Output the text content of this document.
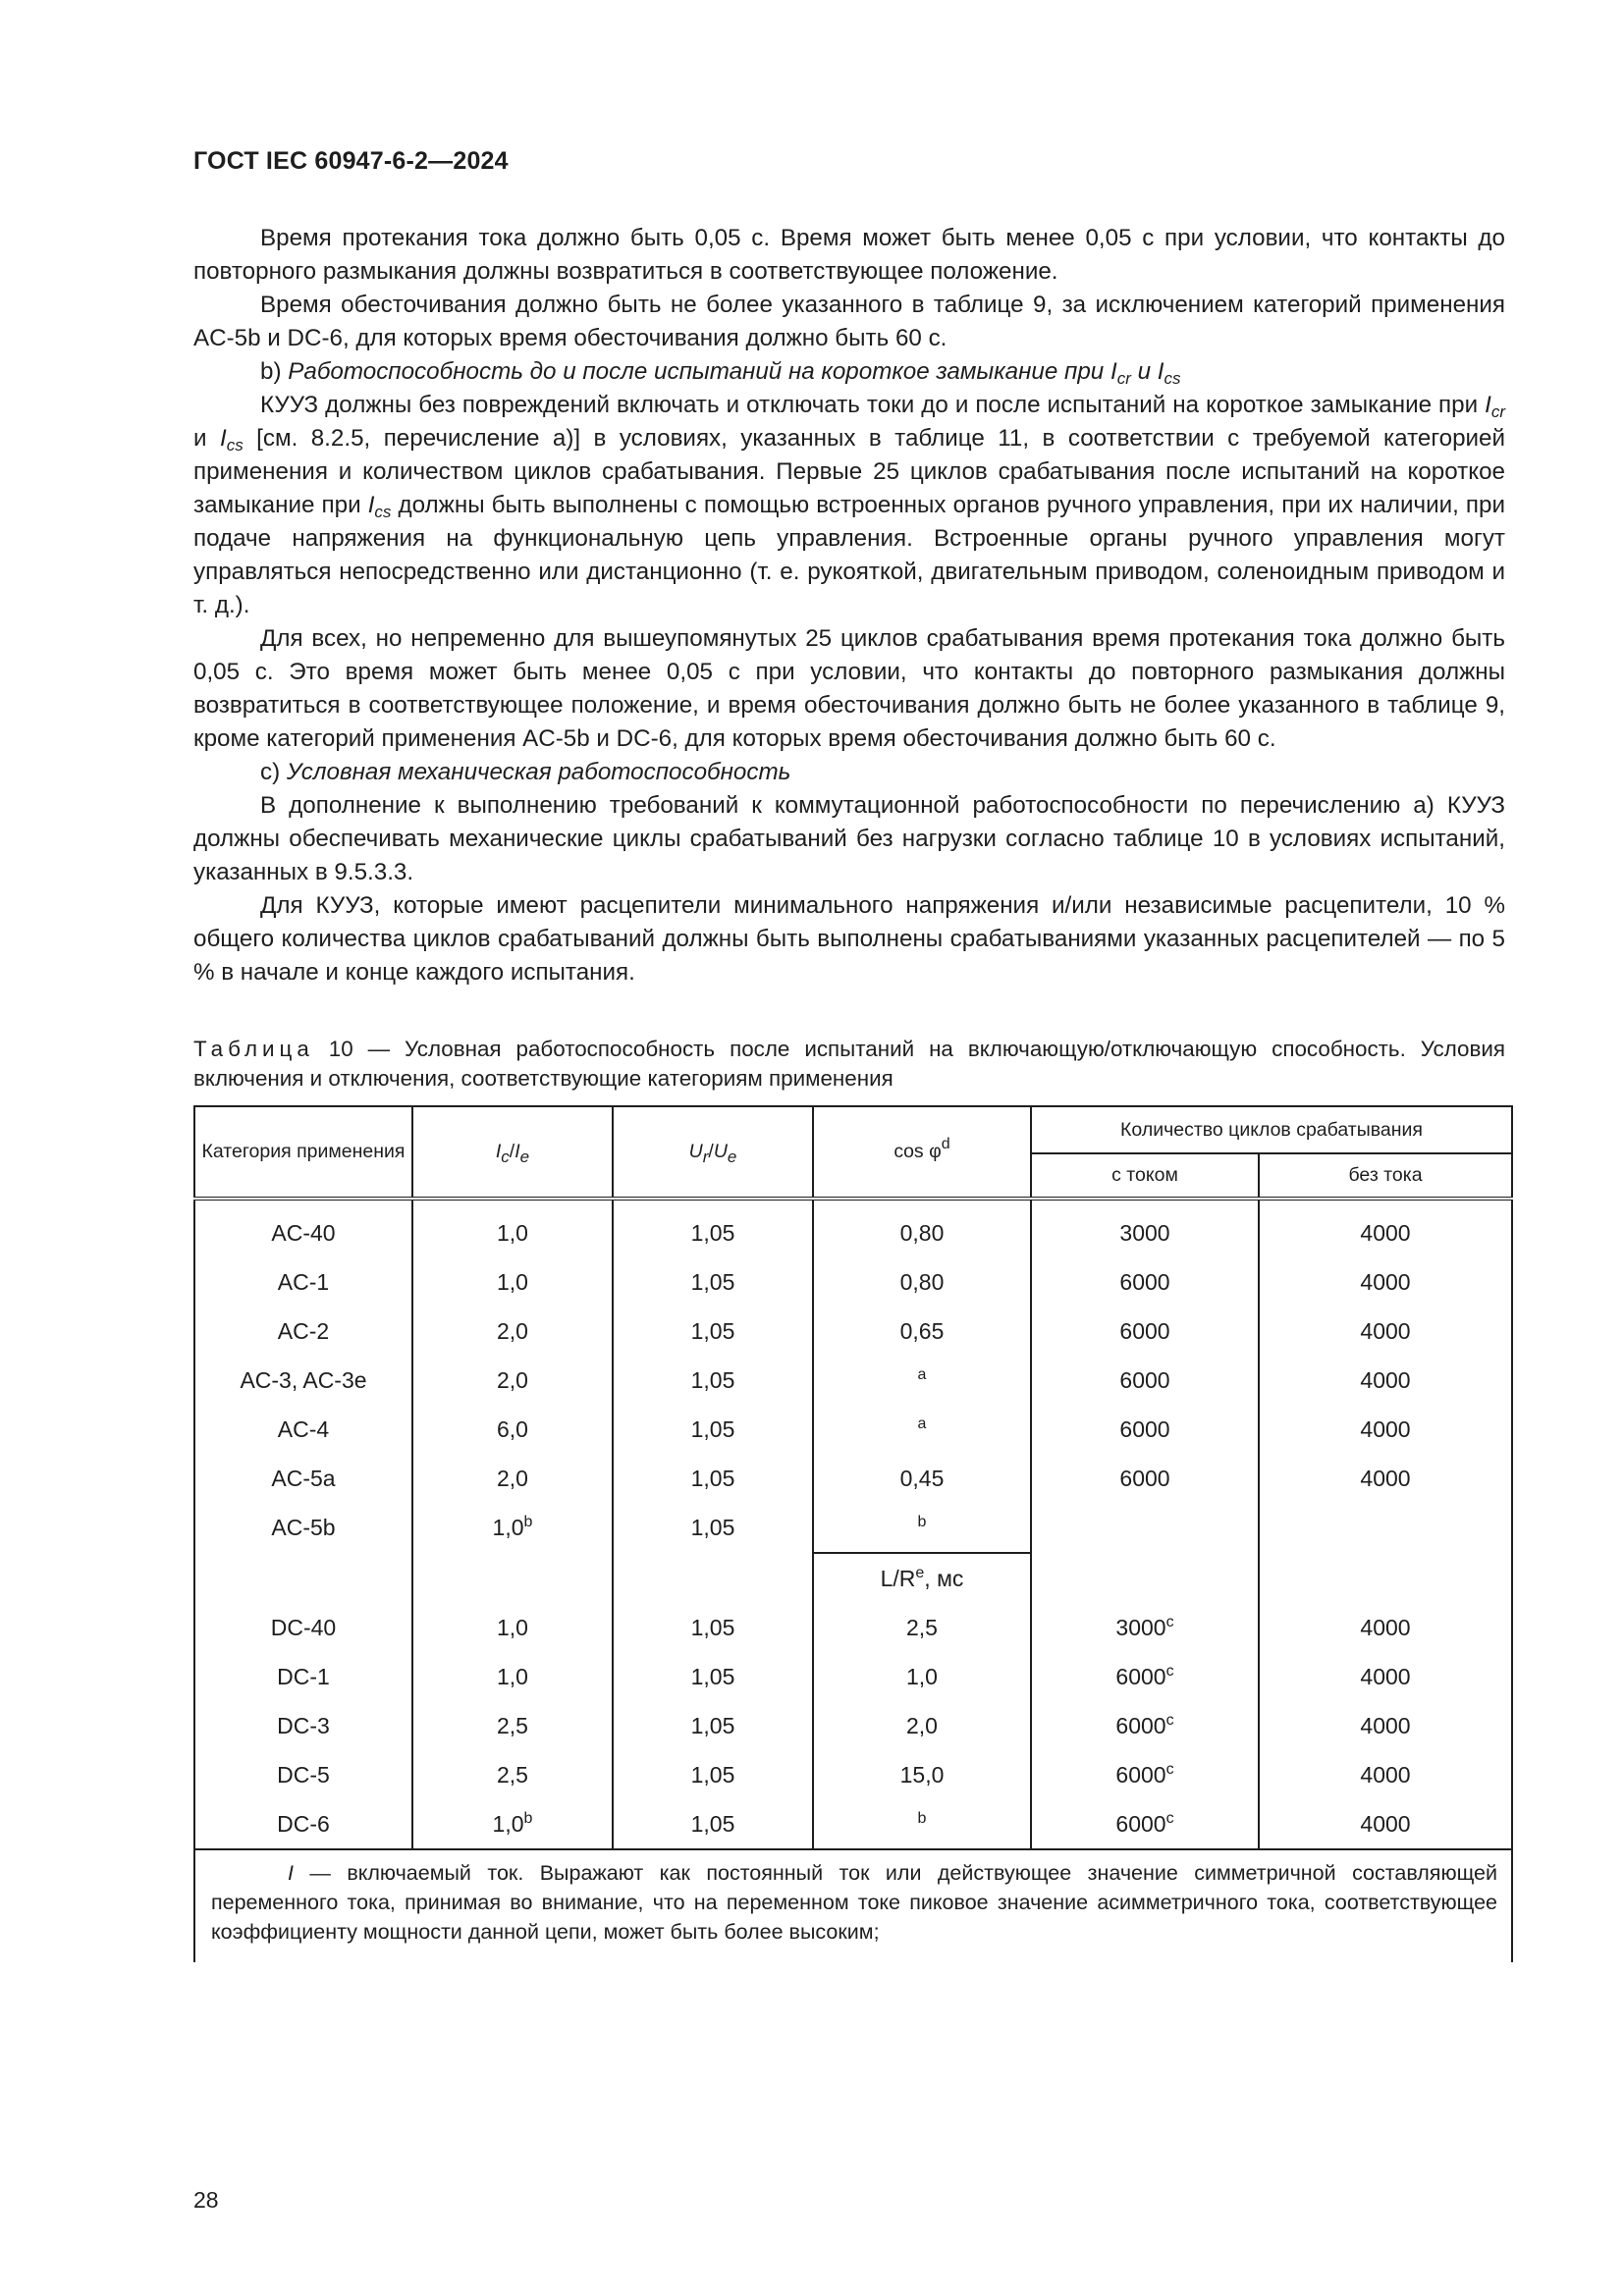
ГОСТ IEC 60947-6-2—2024

Время протекания тока должно быть 0,05 с. Время может быть менее 0,05 с при условии, что контакты до повторного размыкания должны возвратиться в соответствующее положение.

Время обесточивания должно быть не более указанного в таблице 9, за исключением категорий применения AC-5b и DC-6, для которых время обесточивания должно быть 60 с.

b) Работоспособность до и после испытаний на короткое замыкание при $I_{cr}$ и $I_{cs}$

КУУЗ должны без повреждений включать и отключать токи до и после испытаний на короткое замыкание при $I_{cr}$ и $I_{cs}$ [см. 8.2.5, перечисление а)] в условиях, указанных в таблице 11, в соответствии с требуемой категорией применения и количеством циклов срабатывания. Первые 25 циклов срабатывания после испытаний на короткое замыкание при $I_{cs}$ должны быть выполнены с помощью встроенных органов ручного управления, при их наличии, при подаче напряжения на функциональную цепь управления. Встроенные органы ручного управления могут управляться непосредственно или дистанционно (т. е. рукояткой, двигательным приводом, соленоидным приводом и т. д.).

Для всех, но непременно для вышеупомянутых 25 циклов срабатывания время протекания тока должно быть 0,05 с. Это время может быть менее 0,05 с при условии, что контакты до повторного размыкания должны возвратиться в соответствующее положение, и время обесточивания должно быть не более указанного в таблице 9, кроме категорий применения AC-5b и DC-6, для которых время обесточивания должно быть 60 с.

c) Условная механическая работоспособность

В дополнение к выполнению требований к коммутационной работоспособности по перечислению а) КУУЗ должны обеспечивать механические циклы срабатываний без нагрузки согласно таблице 10 в условиях испытаний, указанных в 9.5.3.3.

Для КУУЗ, которые имеют расцепители минимального напряжения и/или независимые расцепители, 10 % общего количества циклов срабатываний должны быть выполнены срабатываниями указанных расцепителей — по 5 % в начале и конце каждого испытания.

Таблица 10 — Условная работоспособность после испытаний на включающую/отключающую способность. Условия включения и отключения, соответствующие категориям применения
Категория применения	Ic/Ie	Ur/Ue	$\cos \varphi^d$	Количество циклов срабатывания	
				с током	без тока
AC-40	1,0	1,05	0,80	3000	4000
AC-1	1,0	1,05	0,80	6000	4000
AC-2	2,0	1,05	0,65	6000	4000
AC-3, AC-3e	2,0	1,05	$^a$	6000	4000
AC-4	6,0	1,05	$^a$	6000	4000
AC-5a	2,0	1,05	0,45	6000	4000
AC-5b	1,0$^b$	1,05	$^b$		
			L/R$^e$, мс		
DC-40	1,0	1,05	2,5	3000$^c$	4000
DC-1	1,0	1,05	1,0	6000$^c$	4000
DC-3	2,5	1,05	2,0	6000$^c$	4000
DC-5	2,5	1,05	15,0	6000$^c$	4000
DC-6	1,0$^b$	1,05	$^b$	6000$^c$	4000

I — включаемый ток. Выражают как постоянный ток или действующее значение симметричной составляющей переменного тока, принимая во внимание, что на переменном токе пиковое значение асимметричного тока, соответствующее коэффициенту мощности данной цепи, может быть более высоким;					

28
